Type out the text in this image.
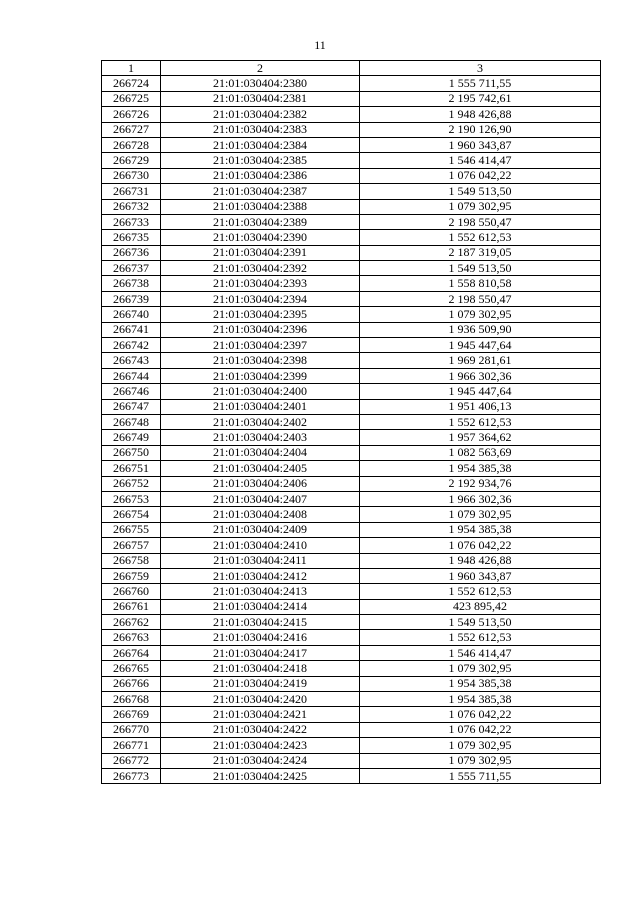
11
1	2	3
266724	21:01:030404:2380	1 555 711,55
266725	21:01:030404:2381	2 195 742,61
266726	21:01:030404:2382	1 948 426,88
266727	21:01:030404:2383	2 190 126,90
266728	21:01:030404:2384	1 960 343,87
266729	21:01:030404:2385	1 546 414,47
266730	21:01:030404:2386	1 076 042,22
266731	21:01:030404:2387	1 549 513,50
266732	21:01:030404:2388	1 079 302,95
266733	21:01:030404:2389	2 198 550,47
266735	21:01:030404:2390	1 552 612,53
266736	21:01:030404:2391	2 187 319,05
266737	21:01:030404:2392	1 549 513,50
266738	21:01:030404:2393	1 558 810,58
266739	21:01:030404:2394	2 198 550,47
266740	21:01:030404:2395	1 079 302,95
266741	21:01:030404:2396	1 936 509,90
266742	21:01:030404:2397	1 945 447,64
266743	21:01:030404:2398	1 969 281,61
266744	21:01:030404:2399	1 966 302,36
266746	21:01:030404:2400	1 945 447,64
266747	21:01:030404:2401	1 951 406,13
266748	21:01:030404:2402	1 552 612,53
266749	21:01:030404:2403	1 957 364,62
266750	21:01:030404:2404	1 082 563,69
266751	21:01:030404:2405	1 954 385,38
266752	21:01:030404:2406	2 192 934,76
266753	21:01:030404:2407	1 966 302,36
266754	21:01:030404:2408	1 079 302,95
266755	21:01:030404:2409	1 954 385,38
266757	21:01:030404:2410	1 076 042,22
266758	21:01:030404:2411	1 948 426,88
266759	21:01:030404:2412	1 960 343,87
266760	21:01:030404:2413	1 552 612,53
266761	21:01:030404:2414	423 895,42
266762	21:01:030404:2415	1 549 513,50
266763	21:01:030404:2416	1 552 612,53
266764	21:01:030404:2417	1 546 414,47
266765	21:01:030404:2418	1 079 302,95
266766	21:01:030404:2419	1 954 385,38
266768	21:01:030404:2420	1 954 385,38
266769	21:01:030404:2421	1 076 042,22
266770	21:01:030404:2422	1 076 042,22
266771	21:01:030404:2423	1 079 302,95
266772	21:01:030404:2424	1 079 302,95
266773	21:01:030404:2425	1 555 711,55
